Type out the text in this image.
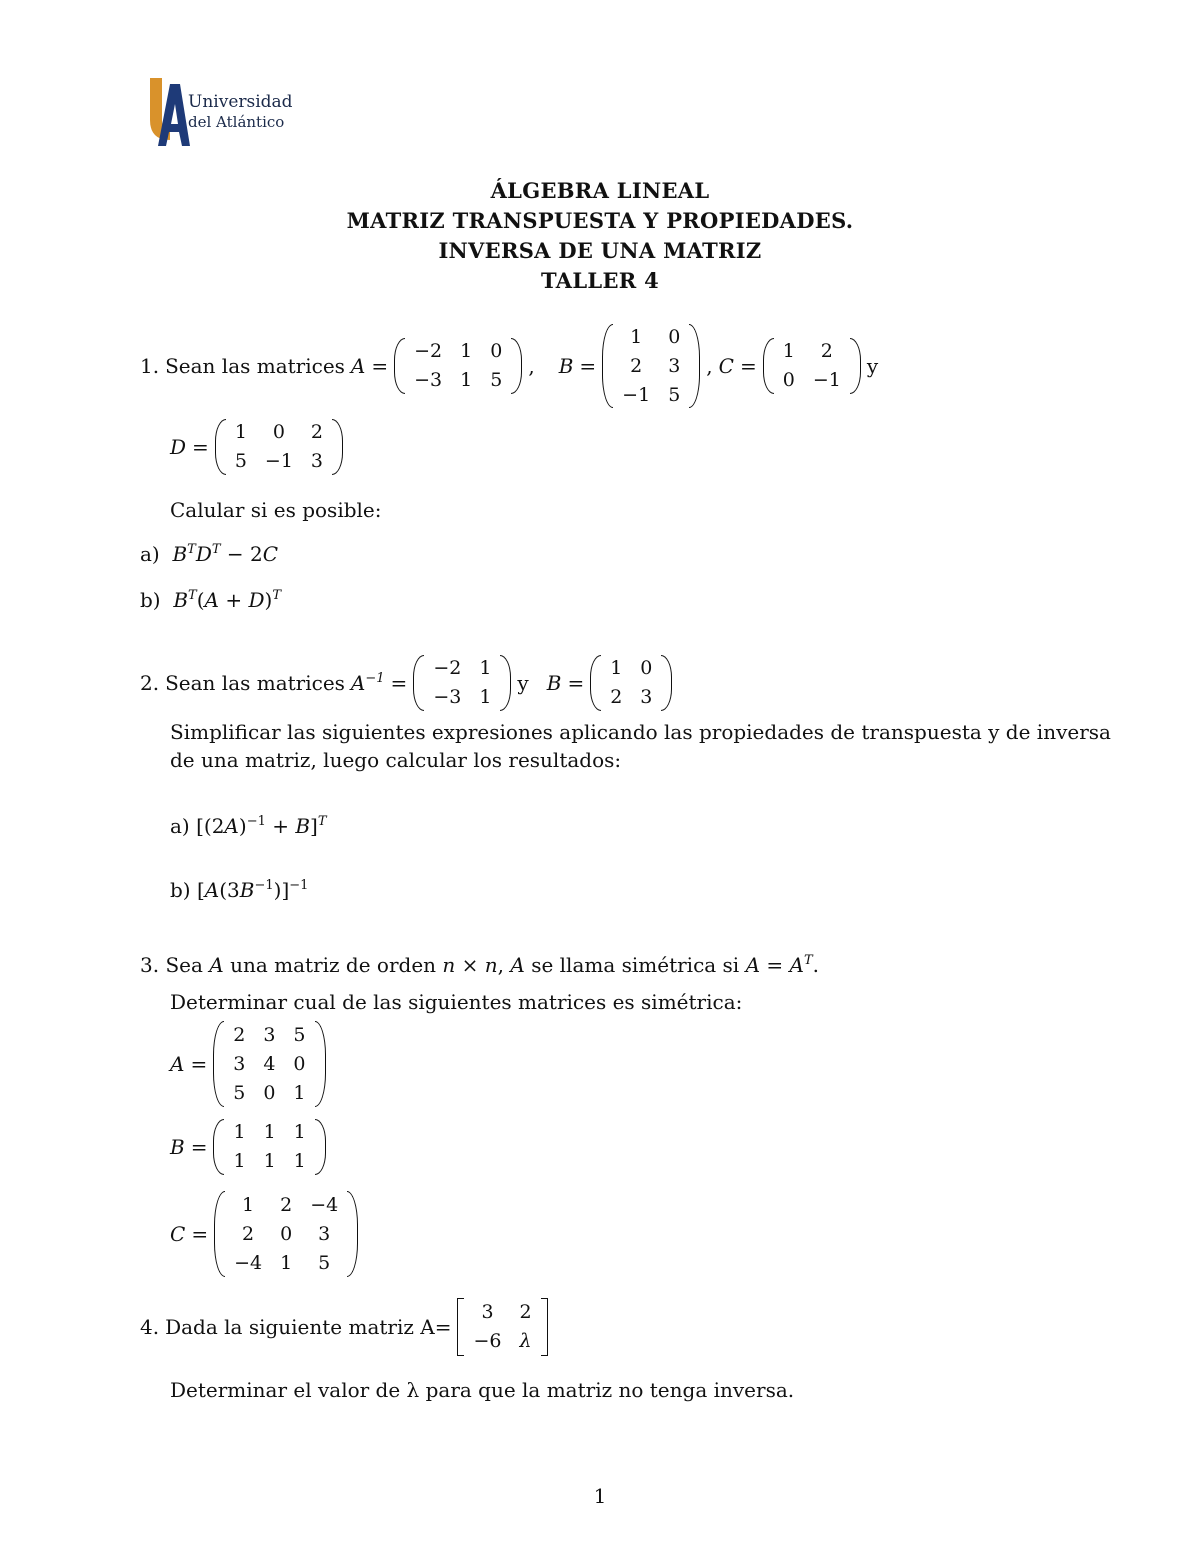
Universidad
del Atlántico
ÁLGEBRA LINEAL
MATRIZ TRANSPUESTA Y PROPIEDADES.
INVERSA DE UNA MATRIZ
TALLER 4
1. Sean las matrices A =
−2	1	0
−3	1	5
, B =
1	0
2	3
−1	5
, C =
1	2
0	−1
y
D =
1	0	2
5	−1	3
Calular si es posible:
a) $B^TD^T - 2C$
b) $B^T(A + D)^T$
2. Sean las matrices $A^{-1}$ =
−2	1
−3	1
y B =
1	0
2	3
Simplificar las siguientes expresiones aplicando las propiedades de transpuesta y de inversa
de una matriz, luego calcular los resultados:
a) $[(2A)^{-1} + B]^T$
b) $[A(3B^{-1})]^{-1}$
3. Sea A una matriz de orden n × n, A se llama simétrica si $A = A^T$.
Determinar cual de las siguientes matrices es simétrica:
A =
2	3	5
3	4	0
5	0	1
B =
1	1	1
1	1	1
C =
1	2	−4
2	0	3
−4	1	5
4. Dada la siguiente matriz A=
3	2
−6	λ
Determinar el valor de λ para que la matriz no tenga inversa.
1
